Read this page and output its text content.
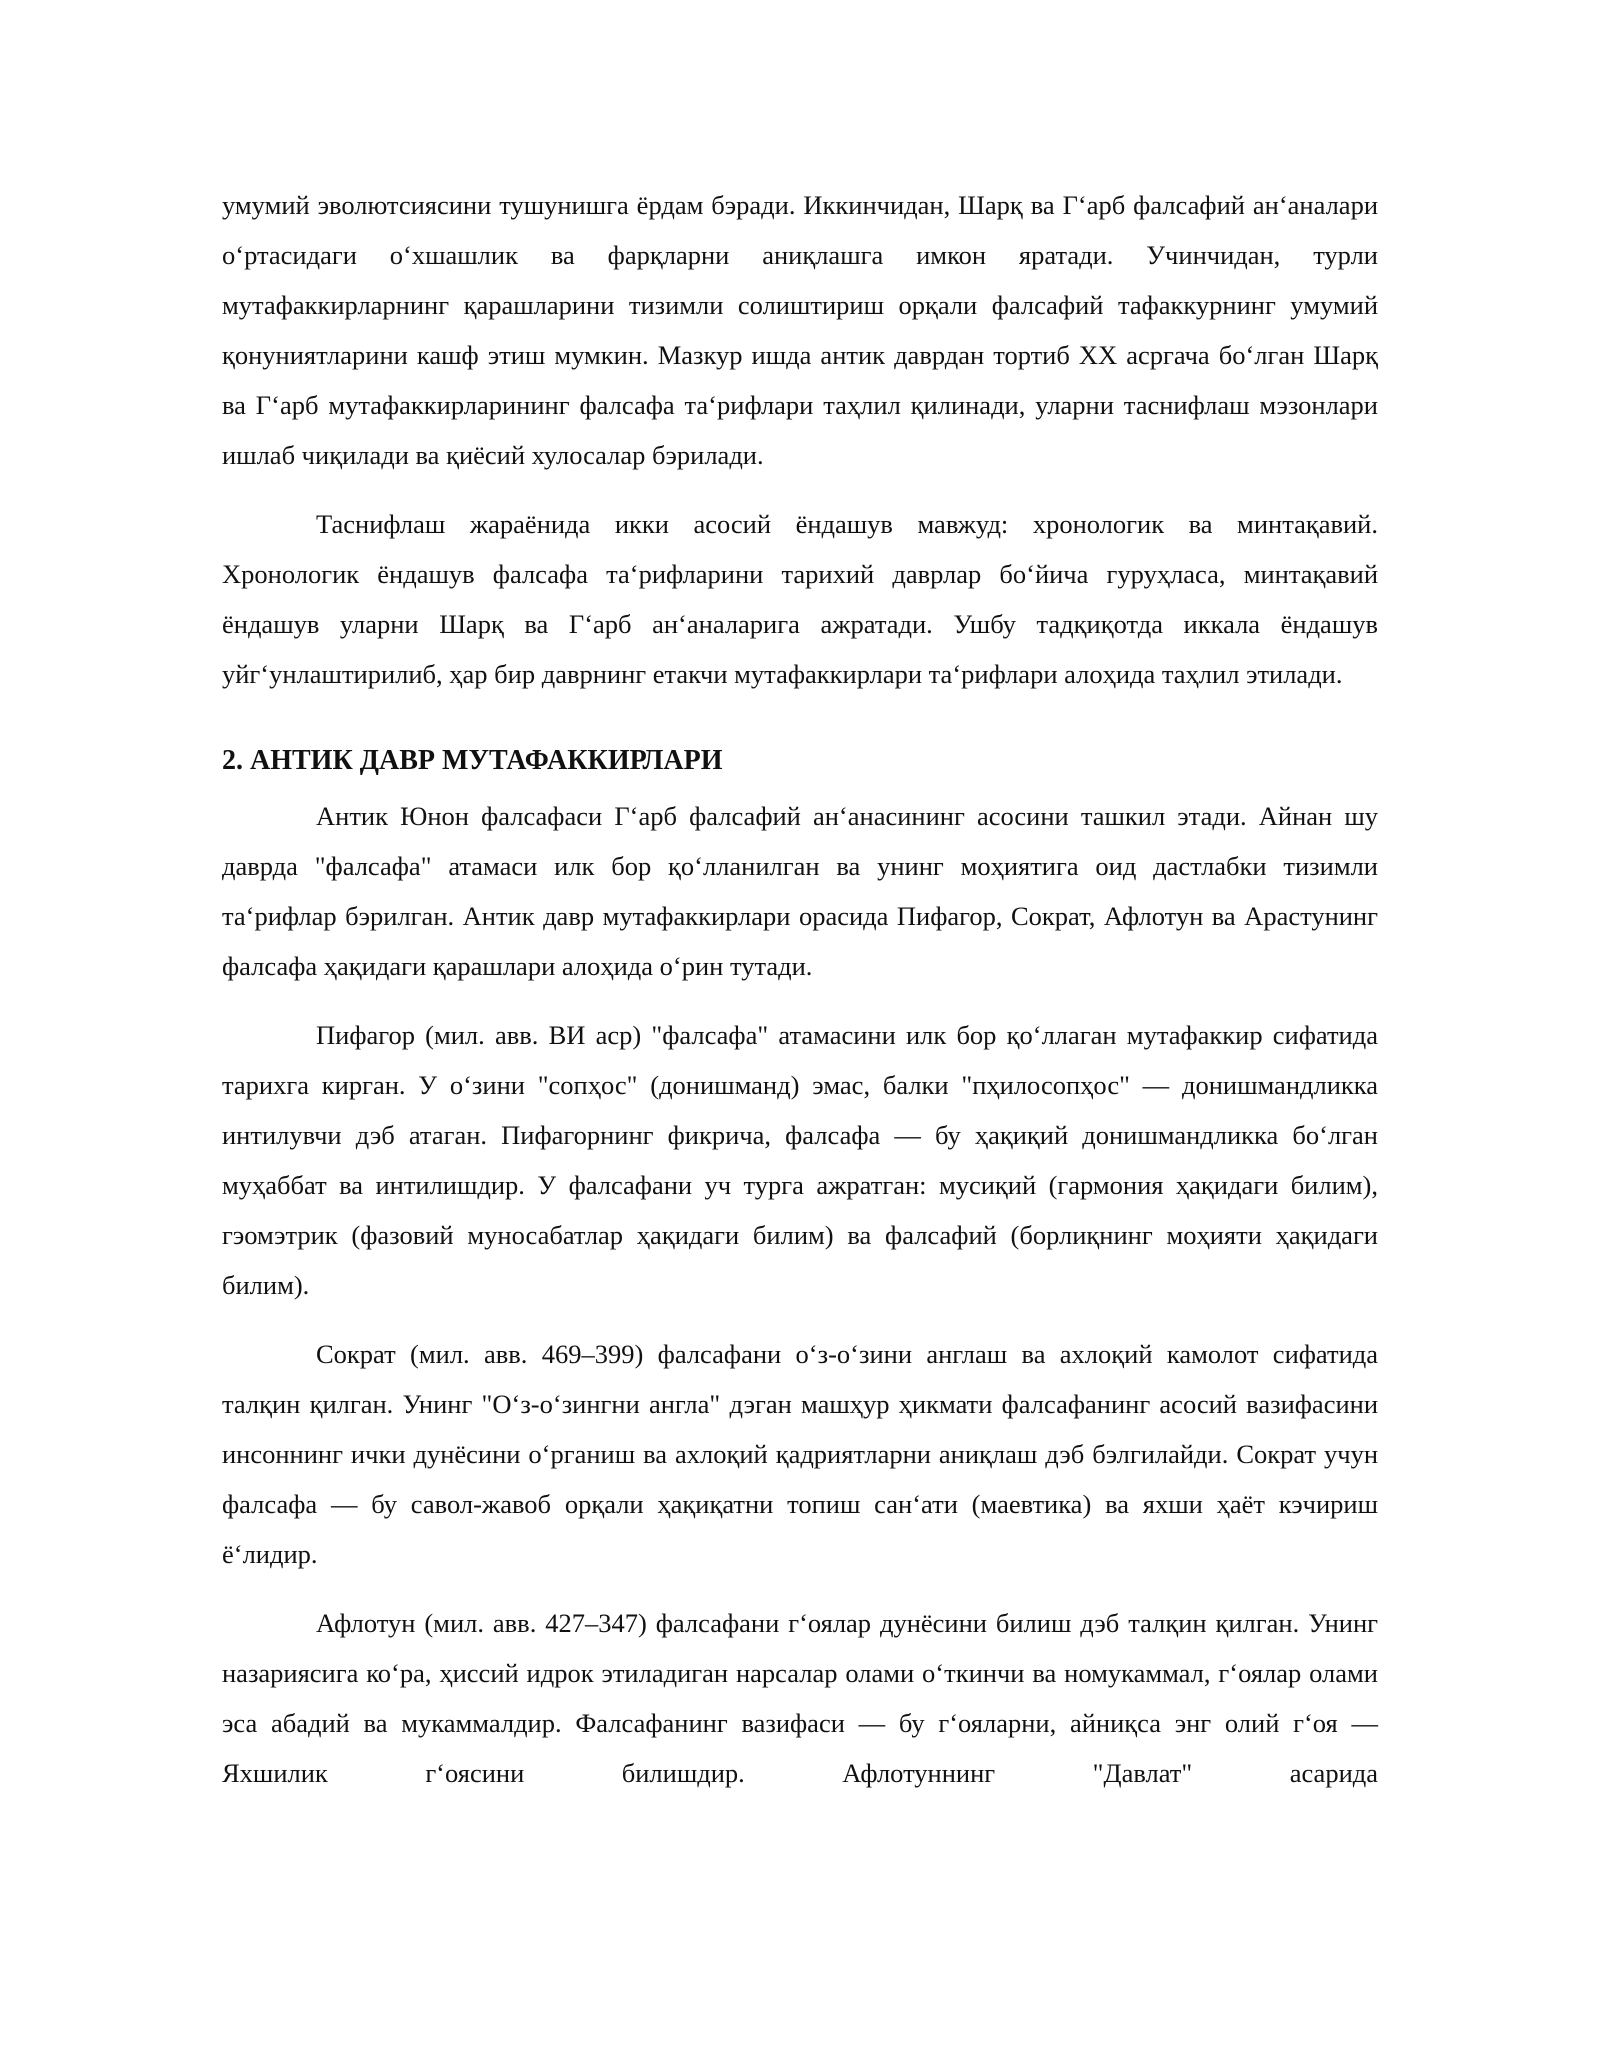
умумий эволютсиясини тушунишга ёрдам бэради. Иккинчидан, Шарқ ва Гʻарб фалсафий анʻаналари оʻртасидаги оʻхшашлик ва фарқларни аниқлашга имкон яратади. Учинчидан, турли мутафаккирларнинг қарашларини тизимли солиштириш орқали фалсафий тафаккурнинг умумий қонуниятларини кашф этиш мумкин. Мазкур ишда антик даврдан тортиб XX асргача боʻлган Шарқ ва Гʻарб мутафаккирларининг фалсафа таʻрифлари таҳлил қилинади, уларни таснифлаш мэзонлари ишлаб чиқилади ва қиёсий хулосалар бэрилади.

Таснифлаш жараёнида икки асосий ёндашув мавжуд: хронологик ва минтақавий. Хронологик ёндашув фалсафа таʻрифларини тарихий даврлар боʻйича гуруҳласа, минтақавий ёндашув уларни Шарқ ва Гʻарб анʻаналарига ажратади. Ушбу тадқиқотда иккала ёндашув уйгʻунлаштирилиб, ҳар бир даврнинг етакчи мутафаккирлари таʻрифлари алоҳида таҳлил этилади.

2. АНТИК ДАВР МУТАФАККИРЛАРИ

Антик Юнон фалсафаси Гʻарб фалсафий анʻанасининг асосини ташкил этади. Айнан шу даврда "фалсафа" атамаси илк бор қоʻлланилган ва унинг моҳиятига оид дастлабки тизимли таʻрифлар бэрилган. Антик давр мутафаккирлари орасида Пифагор, Сократ, Афлотун ва Арастунинг фалсафа ҳақидаги қарашлари алоҳида оʻрин тутади.

Пифагор (мил. авв. ВИ аср) "фалсафа" атамасини илк бор қоʻллаган мутафаккир сифатида тарихга кирган. У оʻзини "сопҳос" (донишманд) эмас, балки "пҳилосопҳос" — донишмандликка интилувчи дэб атаган. Пифагорнинг фикрича, фалсафа — бу ҳақиқий донишмандликка боʻлган муҳаббат ва интилишдир. У фалсафани уч турга ажратган: мусиқий (гармония ҳақидаги билим), гэомэтрик (фазовий муносабатлар ҳақидаги билим) ва фалсафий (борлиқнинг моҳияти ҳақидаги билим).

Сократ (мил. авв. 469–399) фалсафани оʻз-оʻзини англаш ва ахлоқий камолот сифатида талқин қилган. Унинг "Оʻз-оʻзингни англа" дэган машҳур ҳикмати фалсафанинг асосий вазифасини инсоннинг ички дунёсини оʻрганиш ва ахлоқий қадриятларни аниқлаш дэб бэлгилайди. Сократ учун фалсафа — бу савол-жавоб орқали ҳақиқатни топиш санʻати (маевтика) ва яхши ҳаёт кэчириш ёʻлидир.

Афлотун (мил. авв. 427–347) фалсафани гʻоялар дунёсини билиш дэб талқин қилган. Унинг назариясига коʻра, ҳиссий идрок этиладиган нарсалар олами оʻткинчи ва номукаммал, гʻоялар олами эса абадий ва мукаммалдир. Фалсафанинг вазифаси — бу гʻояларни, айниқса энг олий гʻоя — Яхшилик гʻоясини билишдир. Афлотуннинг "Давлат" асарида
